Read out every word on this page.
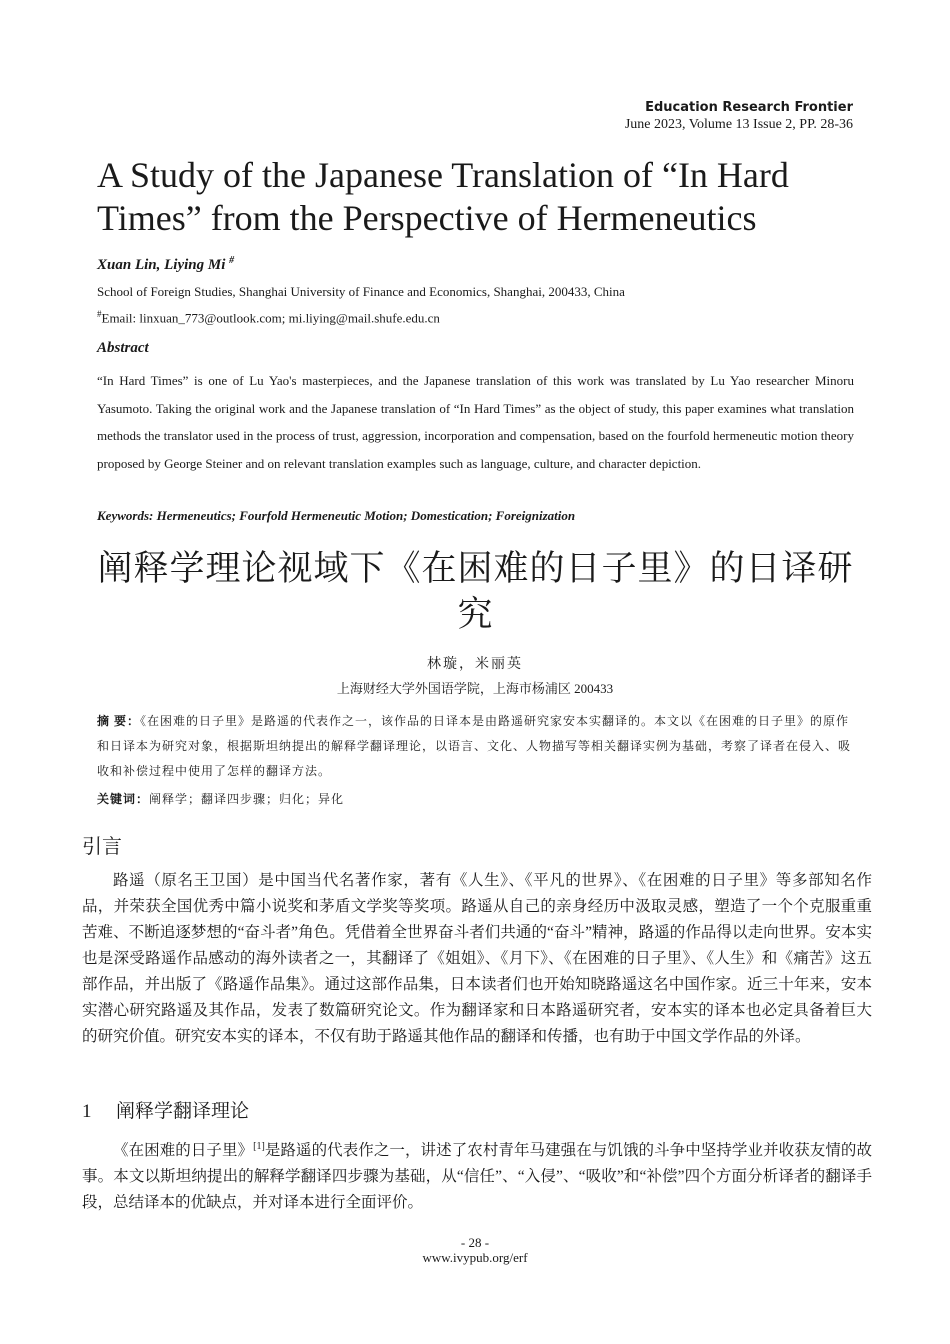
Education Research Frontier
June 2023, Volume 13 Issue 2, PP. 28-36
A Study of the Japanese Translation of “In Hard Times” from the Perspective of Hermeneutics
Xuan Lin, Liying Mi #
School of Foreign Studies, Shanghai University of Finance and Economics, Shanghai, 200433, China
#Email: linxuan_773@outlook.com; mi.liying@mail.shufe.edu.cn
Abstract
“In Hard Times” is one of Lu Yao's masterpieces, and the Japanese translation of this work was translated by Lu Yao researcher Minoru Yasumoto. Taking the original work and the Japanese translation of “In Hard Times” as the object of study, this paper examines what translation methods the translator used in the process of trust, aggression, incorporation and compensation, based on the fourfold hermeneutic motion theory proposed by George Steiner and on relevant translation examples such as language, culture, and character depiction.
Keywords: Hermeneutics; Fourfold Hermeneutic Motion; Domestication; Foreignization
阐释学理论视域下《在困难的日子里》的日译研究
林璇，米丽英
上海财经大学外国语学院，上海市杨浦区 200433
摘 要：《在困难的日子里》是路遥的代表作之一，该作品的日译本是由路遥研究家安本实翻译的。本文以《在困难的日子里》的原作和日译本为研究对象，根据斯坦纳提出的解释学翻译理论，以语言、文化、人物描写等相关翻译实例为基础，考察了译者在侵入、吸收和补偿过程中使用了怎样的翻译方法。
关键词：阐释学；翻译四步骤；归化；异化
引言
路遥（原名王卫国）是中国当代名著作家，著有《人生》、《平凡的世界》、《在困难的日子里》等多部知名作品，并荣获全国优秀中篇小说奖和茅盾文学奖等奖项。路遥从自己的亲身经历中汲取灵感，塑造了一个个克服重重苦难、不断追逐梦想的“奋斗者”角色。凭借着全世界奋斗者们共通的“奋斗”精神，路遥的作品得以走向世界。安本实也是深受路遥作品感动的海外读者之一，其翻译了《姐姐》、《月下》、《在困难的日子里》、《人生》和《痛苦》这五部作品，并出版了《路遥作品集》。通过这部作品集，日本读者们也开始知晓路遥这名中国作家。近三十年来，安本实潜心研究路遥及其作品，发表了数篇研究论文。作为翻译家和日本路遥研究者，安本实的译本也必定具备着巨大的研究价值。研究安本实的译本，不仅有助于路遥其他作品的翻译和传播，也有助于中国文学作品的外译。
1 阐释学翻译理论
《在困难的日子里》[1]是路遥的代表作之一，讲述了农村青年马建强在与饥饿的斗争中坚持学业并收获友情的故事。本文以斯坦纳提出的解释学翻译四步骤为基础，从“信任”、“入侵”、“吸收”和“补偿”四个方面分析译者的翻译手段，总结译本的优缺点，并对译本进行全面评价。
- 28 -
www.ivypub.org/erf
